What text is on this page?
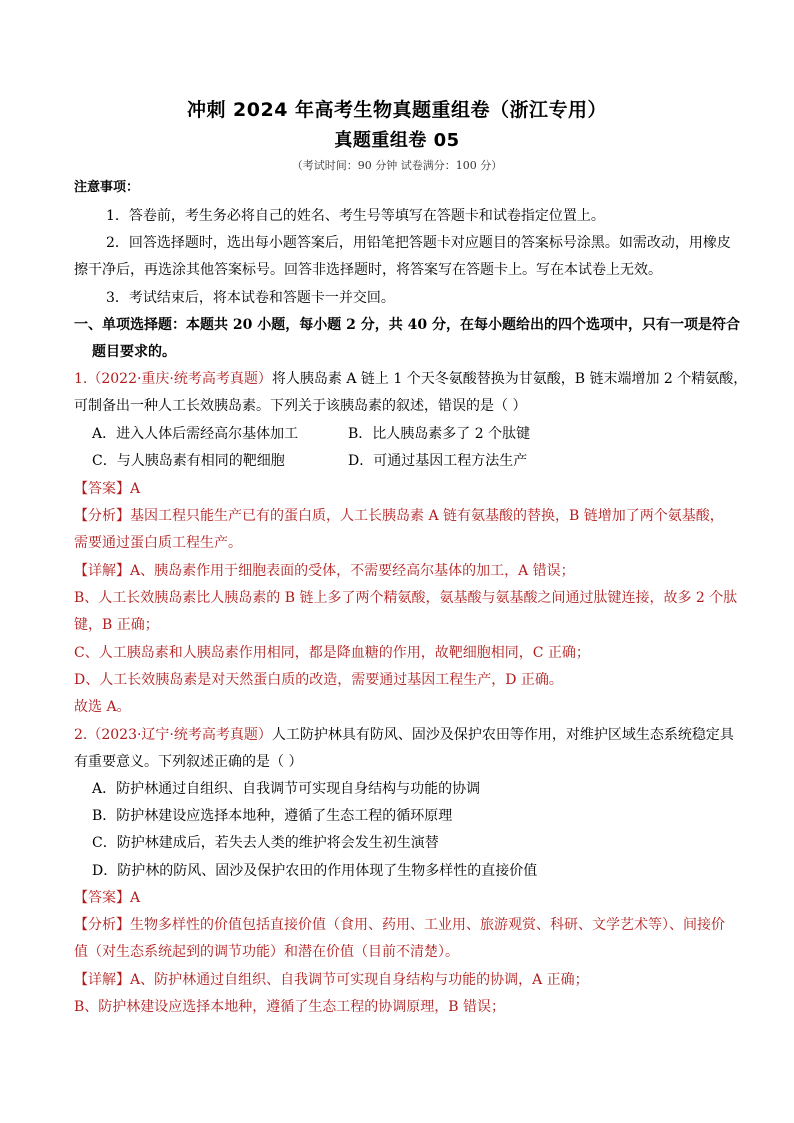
冲刺 2024 年高考生物真题重组卷（浙江专用）
真题重组卷 05
（考试时间：90 分钟 试卷满分：100 分）
注意事项：
1．答卷前，考生务必将自己的姓名、考生号等填写在答题卡和试卷指定位置上。
2．回答选择题时，选出每小题答案后，用铅笔把答题卡对应题目的答案标号涂黑。如需改动，用橡皮
擦干净后，再选涂其他答案标号。回答非选择题时，将答案写在答题卡上。写在本试卷上无效。
3．考试结束后，将本试卷和答题卡一并交回。
一、单项选择题：本题共 20 小题，每小题 2 分，共 40 分，在每小题给出的四个选项中，只有一项是符合
题目要求的。
1.（2022·重庆·统考高考真题）将人胰岛素 A 链上 1 个天冬氨酸替换为甘氨酸，B 链末端增加 2 个精氨酸，
可制备出一种人工长效胰岛素。下列关于该胰岛素的叙述，错误的是（ ）
A．进入人体后需经高尔基体加工	B．比人胰岛素多了 2 个肽键
C．与人胰岛素有相同的靶细胞	D．可通过基因工程方法生产
【答案】A
【分析】基因工程只能生产已有的蛋白质，人工长胰岛素 A 链有氨基酸的替换，B 链增加了两个氨基酸，
需要通过蛋白质工程生产。
【详解】A、胰岛素作用于细胞表面的受体，不需要经高尔基体的加工，A 错误；
B、人工长效胰岛素比人胰岛素的 B 链上多了两个精氨酸，氨基酸与氨基酸之间通过肽键连接，故多 2 个肽
键，B 正确；
C、人工胰岛素和人胰岛素作用相同，都是降血糖的作用，故靶细胞相同，C 正确；
D、人工长效胰岛素是对天然蛋白质的改造，需要通过基因工程生产，D 正确。
故选 A。
2.（2023·辽宁·统考高考真题）人工防护林具有防风、固沙及保护农田等作用，对维护区域生态系统稳定具
有重要意义。下列叙述正确的是（ ）
A．防护林通过自组织、自我调节可实现自身结构与功能的协调
B．防护林建设应选择本地种，遵循了生态工程的循环原理
C．防护林建成后，若失去人类的维护将会发生初生演替
D．防护林的防风、固沙及保护农田的作用体现了生物多样性的直接价值
【答案】A
【分析】生物多样性的价值包括直接价值（食用、药用、工业用、旅游观赏、科研、文学艺术等）、间接价
值（对生态系统起到的调节功能）和潜在价值（目前不清楚）。
【详解】A、防护林通过自组织、自我调节可实现自身结构与功能的协调，A 正确；
B、防护林建设应选择本地种，遵循了生态工程的协调原理，B 错误；
